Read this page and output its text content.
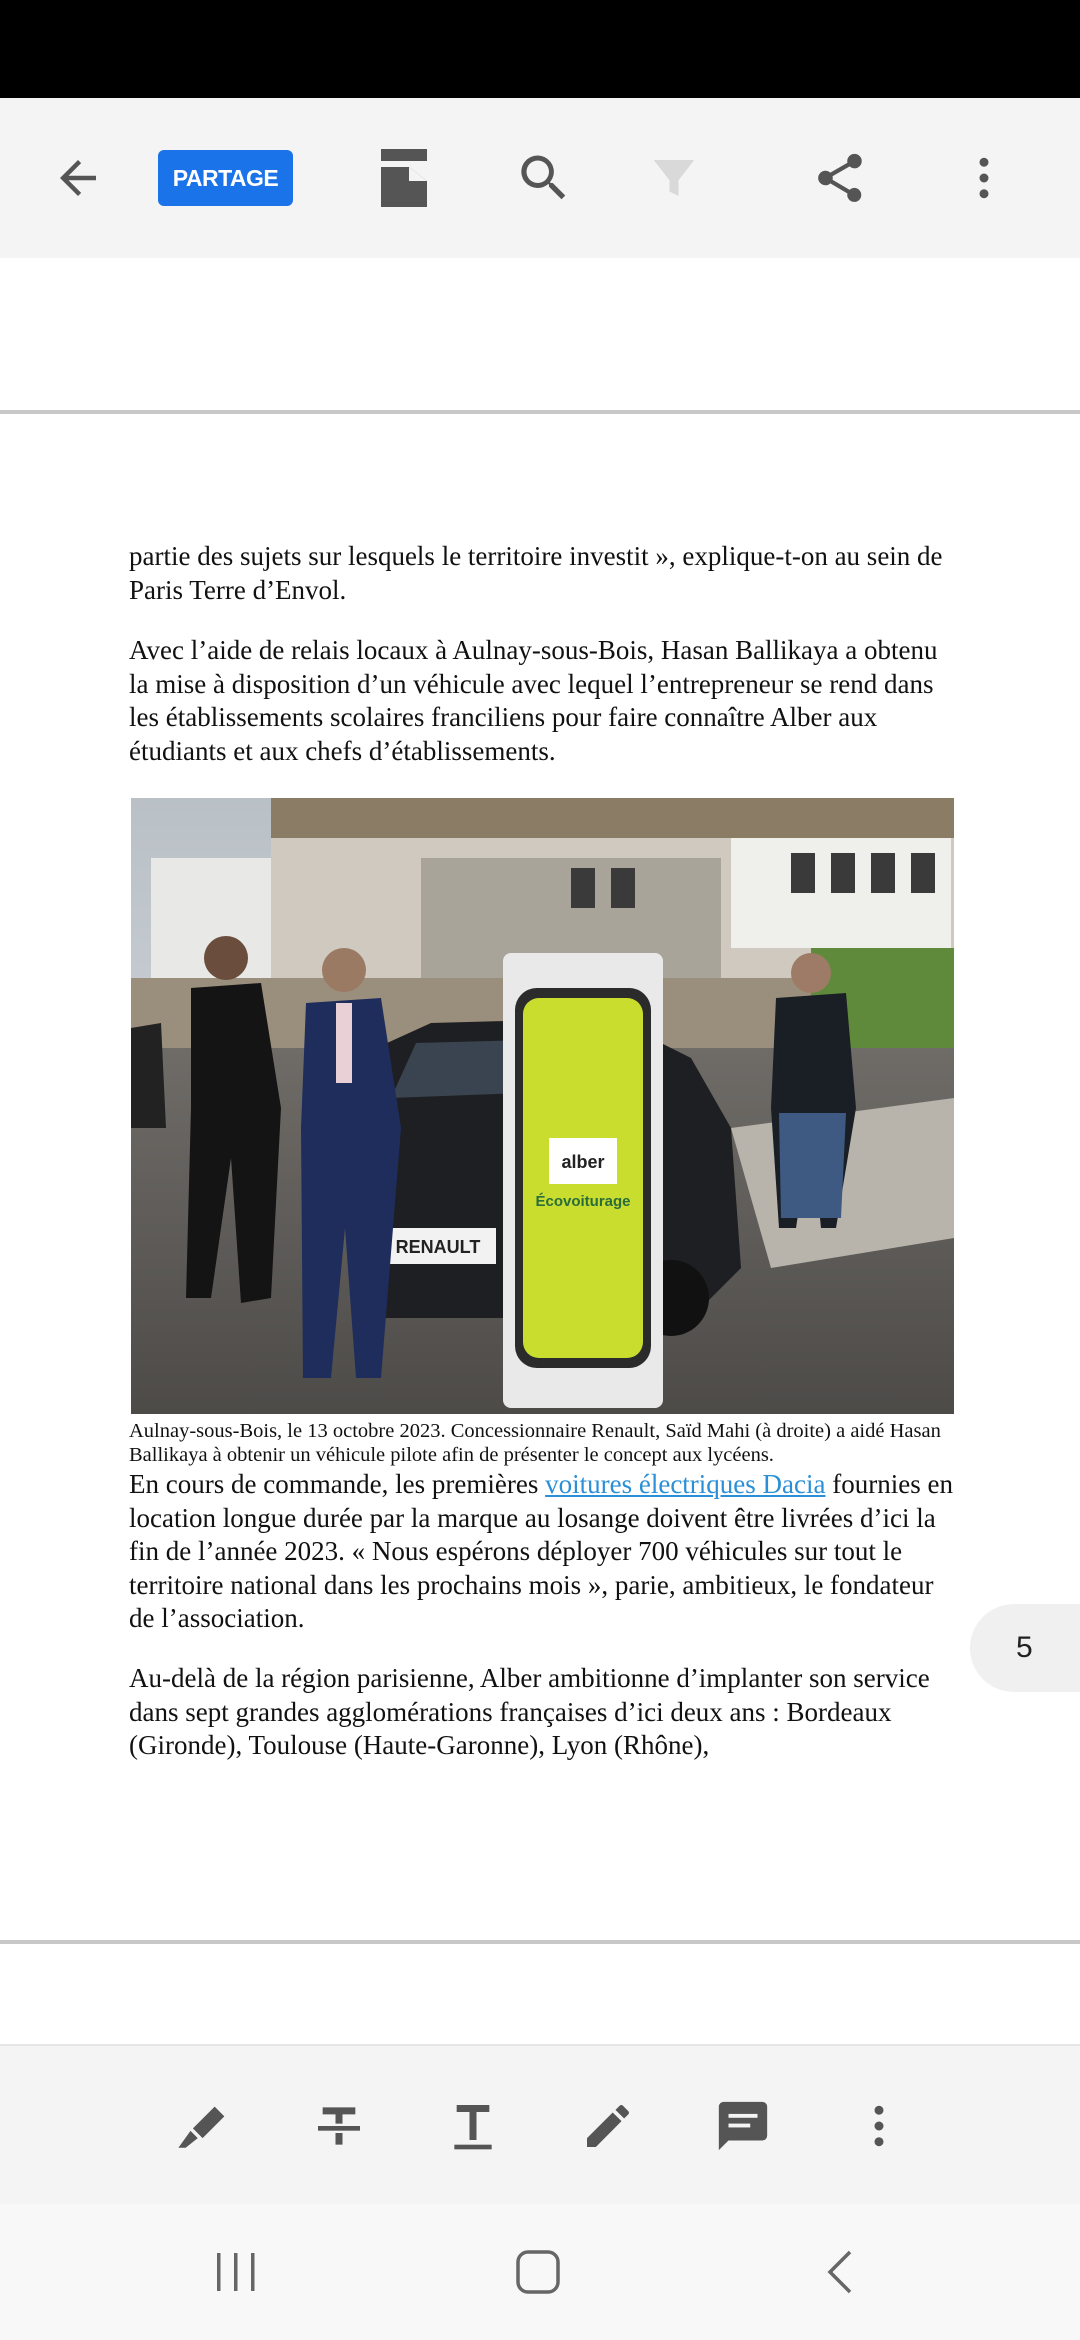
PARTAGE
partie des sujets sur lesquels le territoire investit », explique-t-on au sein de Paris Terre d’Envol.
Avec l’aide de relais locaux à Aulnay-sous-Bois, Hasan Ballikaya a obtenu la mise à disposition d’un véhicule avec lequel l’entrepreneur se rend dans les établissements scolaires franciliens pour faire connaître Alber aux étudiants et aux chefs d’établissements.
RENAULT
alber
Écovoiturage
Aulnay-sous-Bois, le 13 octobre 2023. Concessionnaire Renault, Saïd Mahi (à droite) a aidé Hasan Ballikaya à obtenir un véhicule pilote afin de présenter le concept aux lycéens.
En cours de commande, les premières voitures électriques Dacia fournies en location longue durée par la marque au losange doivent être livrées d’ici la fin de l’année 2023. « Nous espérons déployer 700 véhicules sur tout le territoire national dans les prochains mois », parie, ambitieux, le fondateur de l’association.
Au-delà de la région parisienne, Alber ambitionne d’implanter son service dans sept grandes agglomérations françaises d’ici deux ans : Bordeaux (Gironde), Toulouse (Haute-Garonne), Lyon (Rhône),
5
